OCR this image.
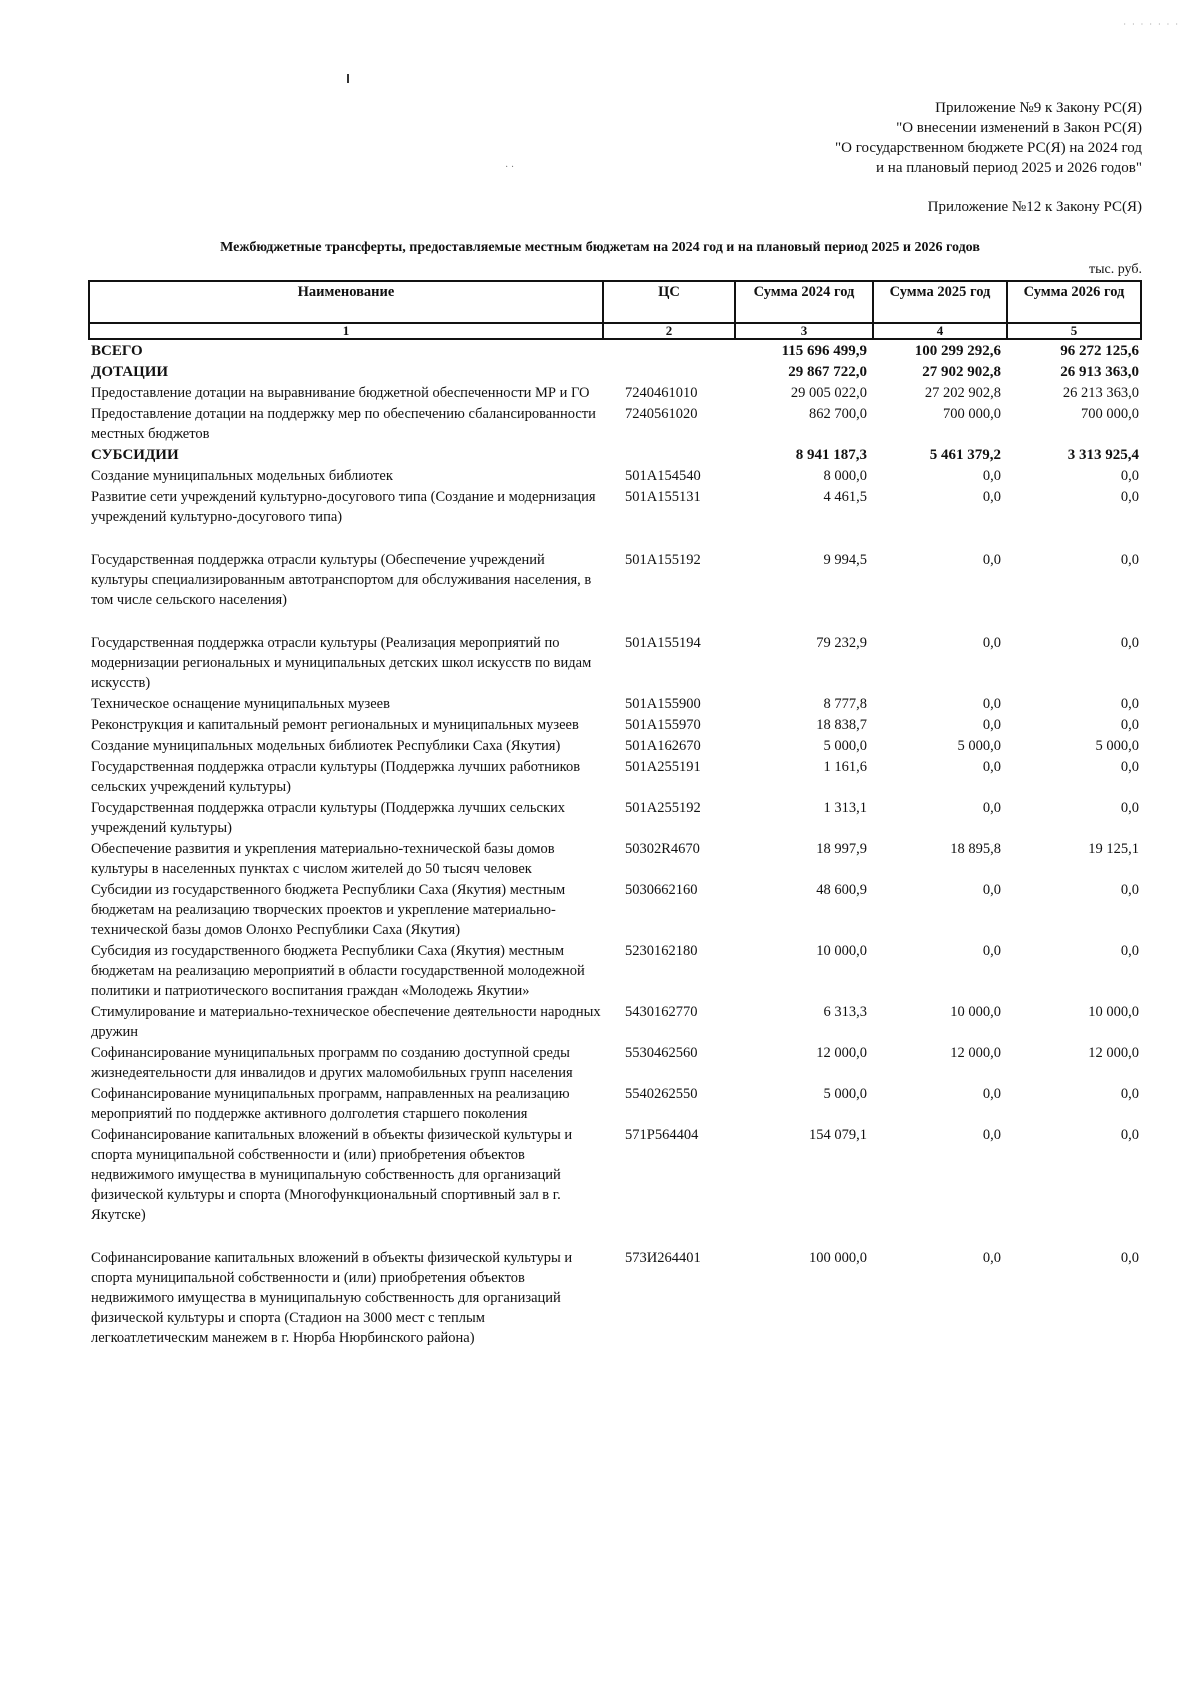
· · · · · · ·
· ·
Приложение №9 к Закону РС(Я)
"О внесении изменений в Закон РС(Я)
"О государственном бюджете РС(Я) на 2024 год
и на плановый период 2025 и 2026 годов"
Приложение №12 к Закону РС(Я)
Межбюджетные трансферты, предоставляемые местным бюджетам на 2024 год и на плановый период 2025 и 2026 годов
тыс. руб.
Наименование	ЦС	Сумма 2024 год	Сумма 2025 год	Сумма 2026 год
1	2	3	4	5
ВСЕГО		115 696 499,9	100 299 292,6	96 272 125,6
ДОТАЦИИ		29 867 722,0	27 902 902,8	26 913 363,0
Предоставление дотации на выравнивание бюджетной обеспеченности МР и ГО	7240461010	29 005 022,0	27 202 902,8	26 213 363,0
Предоставление дотации на поддержку мер по обеспечению сбалансированности местных бюджетов	7240561020	862 700,0	700 000,0	700 000,0
СУБСИДИИ		8 941 187,3	5 461 379,2	3 313 925,4
Создание муниципальных модельных библиотек	501A154540	8 000,0	0,0	0,0
Развитие сети учреждений культурно-досугового типа (Создание и модернизация учреждений культурно-досугового типа)	501A155131	4 461,5	0,0	0,0
Государственная поддержка отрасли культуры (Обеспечение учреждений культуры специализированным автотранспортом для обслуживания населения, в том числе сельского населения)	501A155192	9 994,5	0,0	0,0
Государственная поддержка отрасли культуры (Реализация мероприятий по модернизации региональных и муниципальных детских школ искусств по видам искусств)	501A155194	79 232,9	0,0	0,0
Техническое оснащение муниципальных музеев	501A155900	8 777,8	0,0	0,0
Реконструкция и капитальный ремонт региональных и муниципальных музеев	501A155970	18 838,7	0,0	0,0
Создание муниципальных модельных библиотек Республики Саха (Якутия)	501A162670	5 000,0	5 000,0	5 000,0
Государственная поддержка отрасли культуры (Поддержка лучших работников сельских учреждений культуры)	501A255191	1 161,6	0,0	0,0
Государственная поддержка отрасли культуры (Поддержка лучших сельских учреждений культуры)	501A255192	1 313,1	0,0	0,0
Обеспечение развития и укрепления материально-технической базы домов культуры в населенных пунктах с числом жителей до 50 тысяч человек	50302R4670	18 997,9	18 895,8	19 125,1
Субсидии из государственного бюджета Республики Саха (Якутия) местным бюджетам на реализацию творческих проектов и укрепление материально-технической базы домов Олонхо Республики Саха (Якутия)	5030662160	48 600,9	0,0	0,0
Субсидия из государственного бюджета Республики Саха (Якутия) местным бюджетам на реализацию мероприятий в области государственной молодежной политики и патриотического воспитания граждан «Молодежь Якутии»	5230162180	10 000,0	0,0	0,0
Стимулирование и материально-техническое обеспечение деятельности народных дружин	5430162770	6 313,3	10 000,0	10 000,0
Софинансирование муниципальных программ по созданию доступной среды жизнедеятельности для инвалидов и других маломобильных групп населения	5530462560	12 000,0	12 000,0	12 000,0
Софинансирование муниципальных программ, направленных на реализацию мероприятий по поддержке активного долголетия старшего поколения	5540262550	5 000,0	0,0	0,0
Софинансирование капитальных вложений в объекты физической культуры и спорта муниципальной собственности и (или) приобретения объектов недвижимого имущества в муниципальную собственность для организаций физической культуры и спорта (Многофункциональный спортивный зал в г. Якутске)	571P564404	154 079,1	0,0	0,0
Софинансирование капитальных вложений в объекты физической культуры и спорта муниципальной собственности и (или) приобретения объектов недвижимого имущества в муниципальную собственность для организаций физической культуры и спорта (Стадион на 3000 мест с теплым легкоатлетическим манежем в г. Нюрба Нюрбинского района)	573И264401	100 000,0	0,0	0,0
